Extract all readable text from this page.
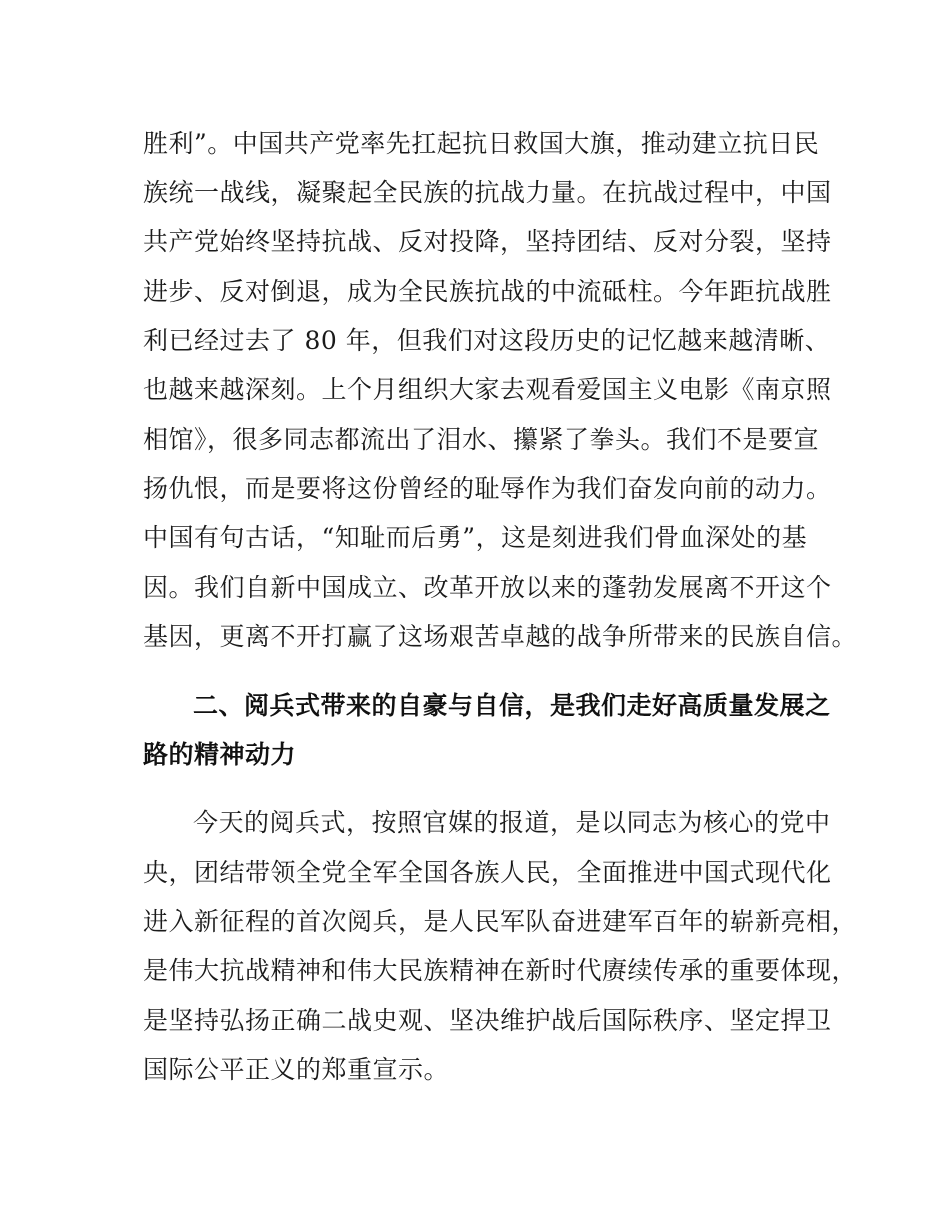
胜利”。中国共产党率先扛起抗日救国大旗，推动建立抗日民
族统一战线，凝聚起全民族的抗战力量。在抗战过程中，中国
共产党始终坚持抗战、反对投降，坚持团结、反对分裂，坚持
进步、反对倒退，成为全民族抗战的中流砥柱。今年距抗战胜
利已经过去了 80 年，但我们对这段历史的记忆越来越清晰、
也越来越深刻。上个月组织大家去观看爱国主义电影《南京照
相馆》，很多同志都流出了泪水、攥紧了拳头。我们不是要宣
扬仇恨，而是要将这份曾经的耻辱作为我们奋发向前的动力。
中国有句古话，“知耻而后勇”，这是刻进我们骨血深处的基
因。我们自新中国成立、改革开放以来的蓬勃发展离不开这个
基因，更离不开打赢了这场艰苦卓越的战争所带来的民族自信。
二、阅兵式带来的自豪与自信，是我们走好高质量发展之
路的精神动力
今天的阅兵式，按照官媒的报道，是以同志为核心的党中
央，团结带领全党全军全国各族人民，全面推进中国式现代化
进入新征程的首次阅兵，是人民军队奋进建军百年的崭新亮相，
是伟大抗战精神和伟大民族精神在新时代赓续传承的重要体现，
是坚持弘扬正确二战史观、坚决维护战后国际秩序、坚定捍卫
国际公平正义的郑重宣示。
